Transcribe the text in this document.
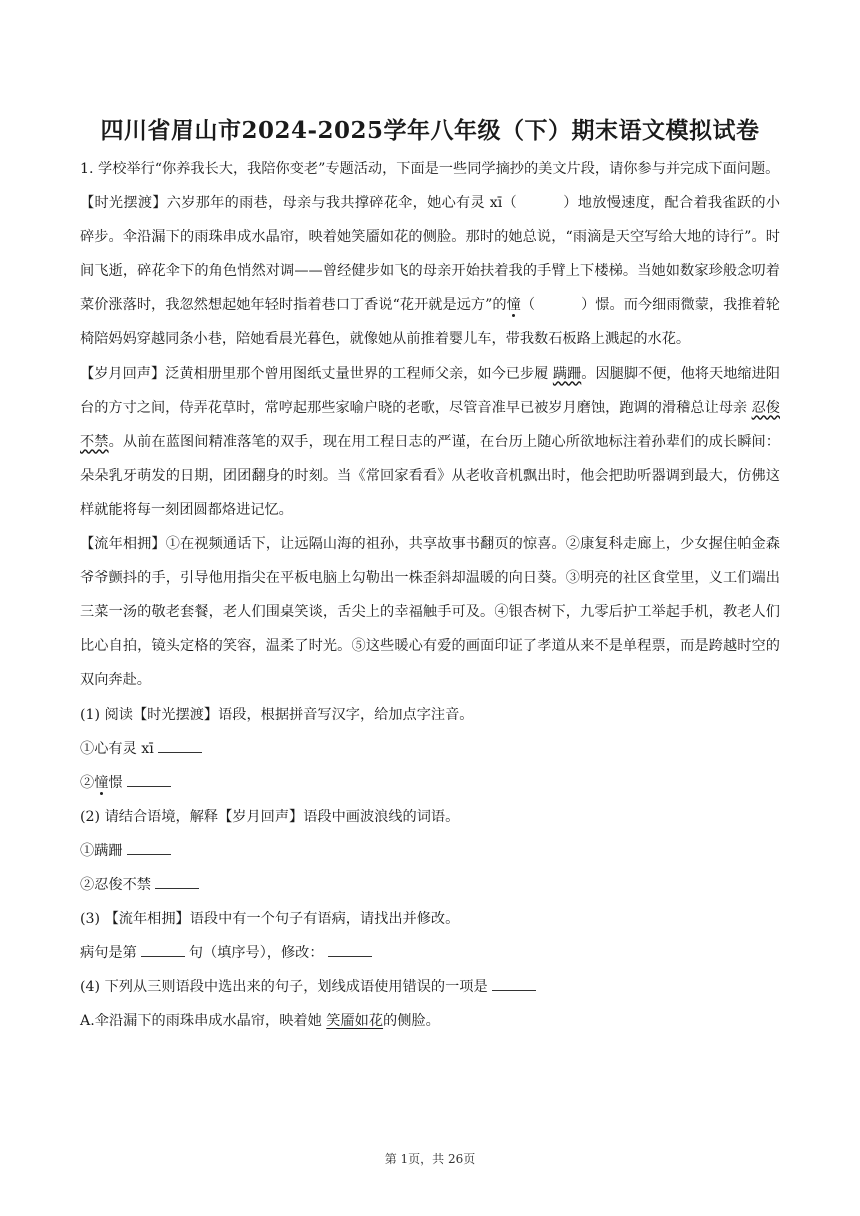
四川省眉山市2024-2025学年八年级（下）期末语文模拟试卷

1. 学校举行“你养我长大，我陪你变老”专题活动，下面是一些同学摘抄的美文片段，请你参与并完成下面问题。

【时光摆渡】六岁那年的雨巷，母亲与我共撑碎花伞，她心有灵 xī（	）地放慢速度，配合着我雀跃的小碎步。伞沿漏下的雨珠串成水晶帘，映着她笑靥如花的侧脸。那时的她总说，“雨滴是天空写给大地的诗行”。时间飞逝，碎花伞下的角色悄然对调——曾经健步如飞的母亲开始扶着我的手臂上下楼梯。当她如数家珍般念叨着菜价涨落时，我忽然想起她年轻时指着巷口丁香说“花开就是远方”的憧（	）憬。而今细雨微蒙，我推着轮椅陪妈妈穿越同条小巷，陪她看晨光暮色，就像她从前推着婴儿车，带我数石板路上溅起的水花。

【岁月回声】泛黄相册里那个曾用图纸丈量世界的工程师父亲，如今已步履 蹒跚。因腿脚不便，他将天地缩进阳台的方寸之间，侍弄花草时，常哼起那些家喻户晓的老歌，尽管音准早已被岁月磨蚀，跑调的滑稽总让母亲 忍俊不禁。从前在蓝图间精准落笔的双手，现在用工程日志的严谨，在台历上随心所欲地标注着孙辈们的成长瞬间：朵朵乳牙萌发的日期，团团翻身的时刻。当《常回家看看》从老收音机飘出时，他会把助听器调到最大，仿佛这样就能将每一刻团圆都烙进记忆。

【流年相拥】①在视频通话下，让远隔山海的祖孙，共享故事书翻页的惊喜。②康复科走廊上，少女握住帕金森爷爷颤抖的手，引导他用指尖在平板电脑上勾勒出一株歪斜却温暖的向日葵。③明亮的社区食堂里，义工们端出三菜一汤的敬老套餐，老人们围桌笑谈，舌尖上的幸福触手可及。④银杏树下，九零后护工举起手机，教老人们比心自拍，镜头定格的笑容，温柔了时光。⑤这些暖心有爱的画面印证了孝道从来不是单程票，而是跨越时空的双向奔赴。

(1) 阅读【时光摆渡】语段，根据拼音写汉字，给加点字注音。

①心有灵 xī

②憧憬

(2) 请结合语境，解释【岁月回声】语段中画波浪线的词语。

①蹒跚

②忍俊不禁

(3) 【流年相拥】语段中有一个句子有语病，请找出并修改。

病句是第	句（填序号），修改：

(4) 下列从三则语段中选出来的句子，划线成语使用错误的一项是

A.伞沿漏下的雨珠串成水晶帘，映着她 笑靥如花的侧脸。

第 1页，共 26页
